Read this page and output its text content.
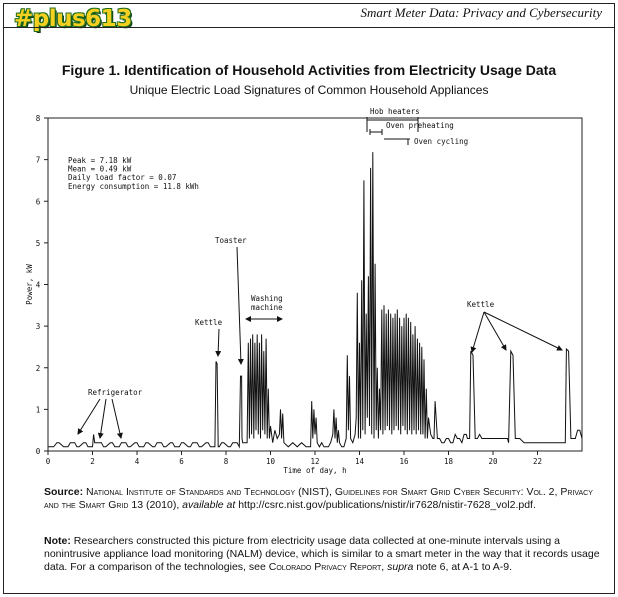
#plus613	Smart Meter Data: Privacy and Cybersecurity
Figure 1. Identification of Household Activities from Electricity Usage Data
Unique Electric Load Signatures of Common Household Appliances
0
1
2
3
4
5
6
7
8
0	2	4	6	8	10	12	14	16	18	20	22
Time of day, h
Power, kW
Peak = 7.18 kW
Mean = 0.49 kW
Daily load factor = 0.07
Energy consumption = 11.8 kWh
Refrigerator
Kettle
Toaster
Washing
machine
Hob heaters
Oven preheating
Oven cycling
Kettle
Source: National Institute of Standards and Technology (NIST), Guidelines for Smart Grid Cyber Security: Vol. 2, Privacy and the Smart Grid 13 (2010), available at http://csrc.nist.gov/publications/nistir/ir7628/nistir-7628_vol2.pdf.
Note: Researchers constructed this picture from electricity usage data collected at one-minute intervals using a nonintrusive appliance load monitoring (NALM) device, which is similar to a smart meter in the way that it records usage data. For a comparison of the technologies, see Colorado Privacy Report, supra note 6, at A-1 to A-9.
